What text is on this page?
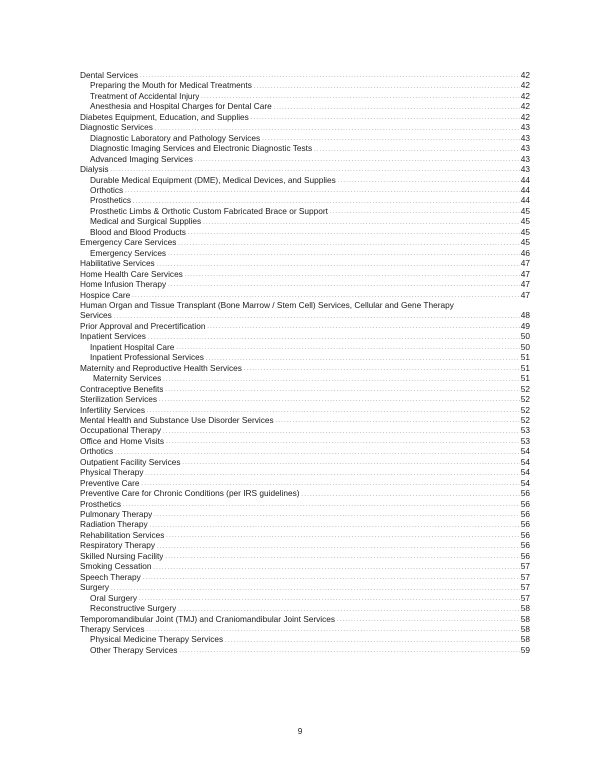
Dental Services .....	42
Preparing the Mouth for Medical Treatments .....	42
Treatment of Accidental Injury .....	42
Anesthesia and Hospital Charges for Dental Care .....	42
Diabetes Equipment, Education, and Supplies .....	42
Diagnostic Services .....	43
Diagnostic Laboratory and Pathology Services .....	43
Diagnostic Imaging Services and Electronic Diagnostic Tests .....	43
Advanced Imaging Services .....	43
Dialysis .....	43
Durable Medical Equipment (DME), Medical Devices, and Supplies .....	44
Orthotics .....	44
Prosthetics .....	44
Prosthetic Limbs & Orthotic Custom Fabricated Brace or Support .....	45
Medical and Surgical Supplies .....	45
Blood and Blood Products .....	45
Emergency Care Services .....	45
Emergency Services .....	46
Habilitative Services .....	47
Home Health Care Services .....	47
Home Infusion Therapy .....	47
Hospice Care .....	47
Human Organ and Tissue Transplant (Bone Marrow / Stem Cell) Services, Cellular and Gene Therapy
Services .....	48
Prior Approval and Precertification .....	49
Inpatient Services .....	50
Inpatient Hospital Care .....	50
Inpatient Professional Services .....	51
Maternity and Reproductive Health Services .....	51
Maternity Services .....	51
Contraceptive Benefits .....	52
Sterilization Services .....	52
Infertility Services .....	52
Mental Health and Substance Use Disorder Services .....	52
Occupational Therapy .....	53
Office and Home Visits .....	53
Orthotics .....	54
Outpatient Facility Services .....	54
Physical Therapy .....	54
Preventive Care .....	54
Preventive Care for Chronic Conditions (per IRS guidelines) .....	56
Prosthetics .....	56
Pulmonary Therapy .....	56
Radiation Therapy .....	56
Rehabilitation Services .....	56
Respiratory Therapy .....	56
Skilled Nursing Facility .....	56
Smoking Cessation .....	57
Speech Therapy .....	57
Surgery .....	57
Oral Surgery .....	57
Reconstructive Surgery .....	58
Temporomandibular Joint (TMJ) and Craniomandibular Joint Services .....	58
Therapy Services .....	58
Physical Medicine Therapy Services .....	58
Other Therapy Services .....	59
9
